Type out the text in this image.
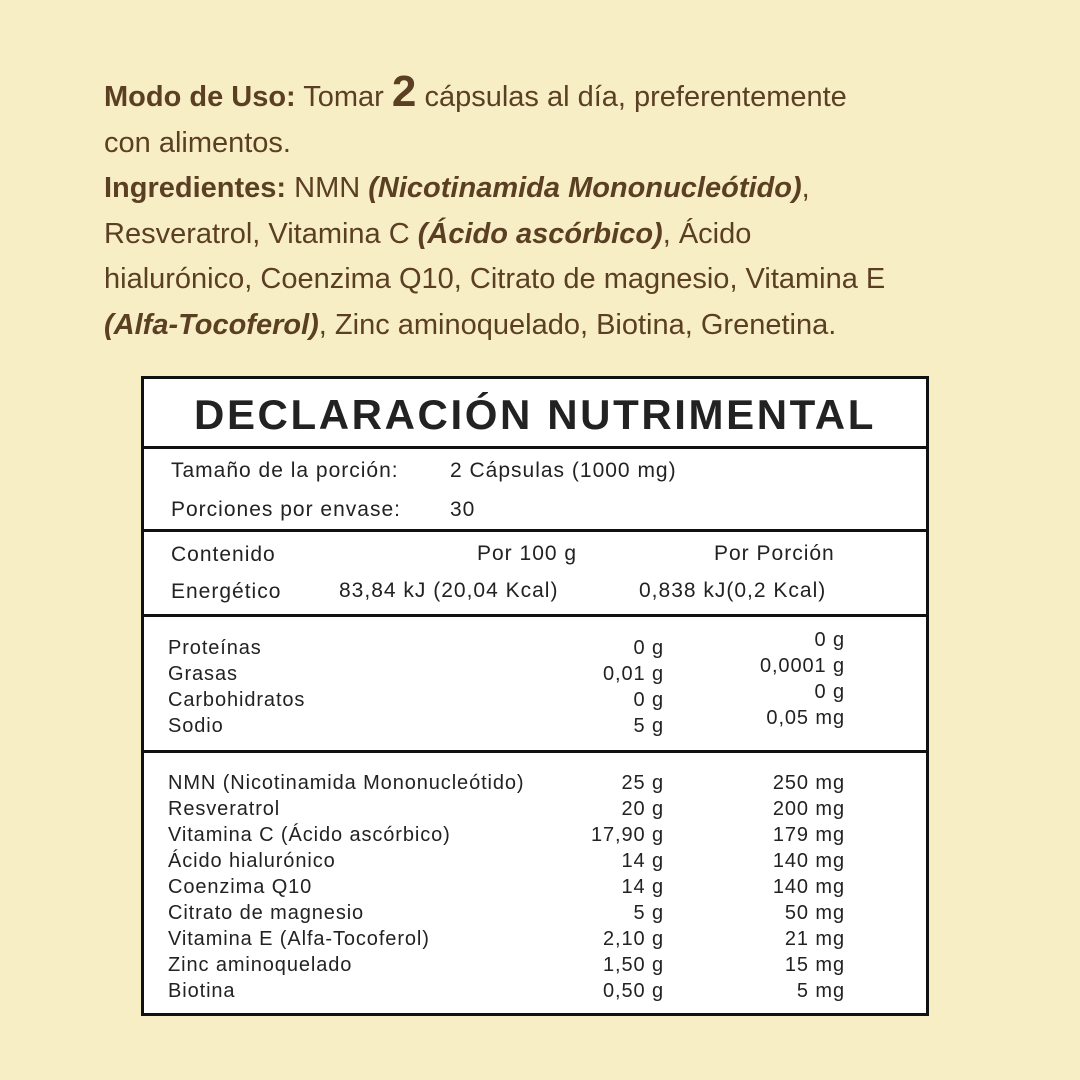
Modo de Uso: Tomar 2 cápsulas al día, preferentemente

con alimentos.

Ingredientes: NMN (Nicotinamida Mononucleótido),

Resveratrol, Vitamina C (Ácido ascórbico), Ácido

hialurónico, Coenzima Q10, Citrato de magnesio, Vitamina E

(Alfa-Tocoferol), Zinc aminoquelado, Biotina, Grenetina.

DECLARACIÓN NUTRIMENTAL
Tamaño de la porción: 2 Cápsulas (1000 mg)
Porciones por envase: 30
Contenido	Por 100 g	Por Porción
Energético	83,84 kJ (20,04 Kcal)	0,838 kJ(0,2 Kcal)
Proteínas	0 g	0 g
Grasas	0,01 g	0,0001 g
Carbohidratos	0 g	0 g
Sodio	5 g	0,05 mg
NMN (Nicotinamida Mononucleótido)	25 g	250 mg
Resveratrol	20 g	200 mg
Vitamina C (Ácido ascórbico)	17,90 g	179 mg
Ácido hialurónico	14 g	140 mg
Coenzima Q10	14 g	140 mg
Citrato de magnesio	5 g	50 mg
Vitamina E (Alfa-Tocoferol)	2,10 g	21 mg
Zinc aminoquelado	1,50 g	15 mg
Biotina	0,50 g	5 mg
